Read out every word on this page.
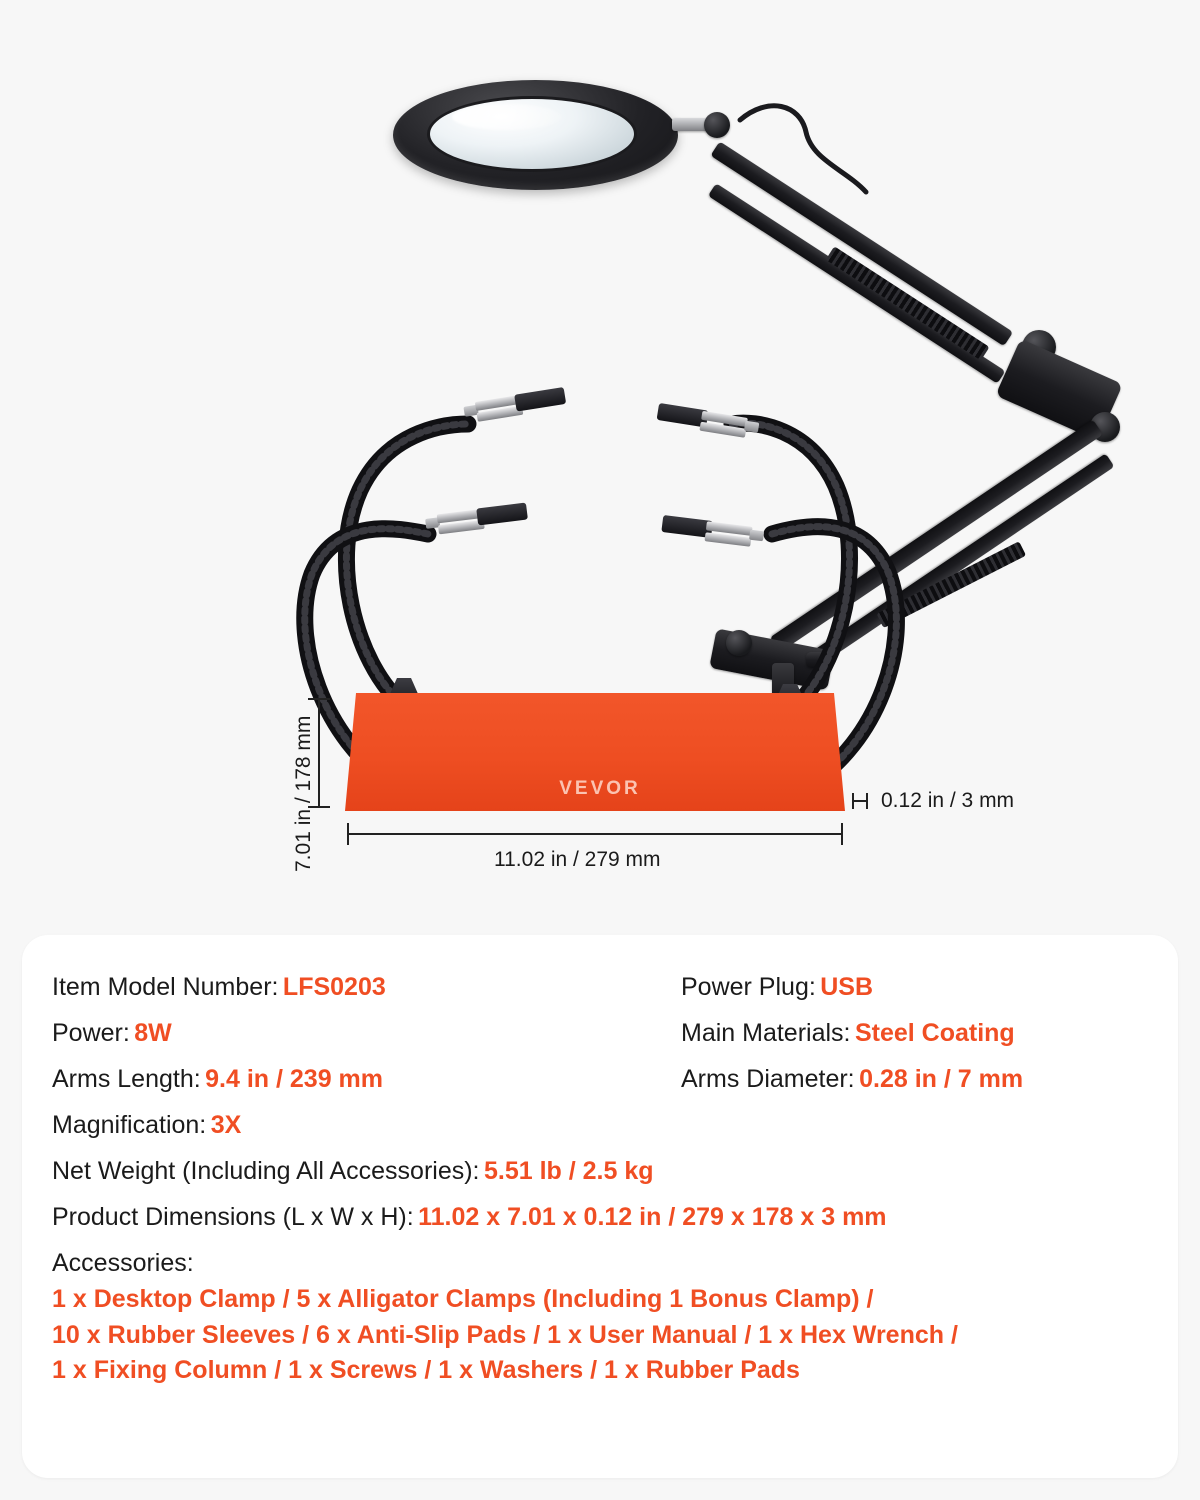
VEVOR
7.01 in / 178 mm	11.02 in / 279 mm
0.12 in / 3 mm
Item Model Number: LFS0203	Power Plug: USB
Power: 8W	Main Materials: Steel Coating
Arms Length: 9.4 in / 239 mm	Arms Diameter: 0.28 in / 7 mm
Magnification: 3X
Net Weight (Including All Accessories): 5.51 lb / 2.5 kg
Product Dimensions (L x W x H): 11.02 x 7.01 x 0.12 in / 279 x 178 x 3 mm
Accessories:
1 x Desktop Clamp / 5 x Alligator Clamps (Including 1 Bonus Clamp) /
10 x Rubber Sleeves / 6 x Anti-Slip Pads / 1 x User Manual / 1 x Hex Wrench /
1 x Fixing Column / 1 x Screws / 1 x Washers / 1 x Rubber Pads
